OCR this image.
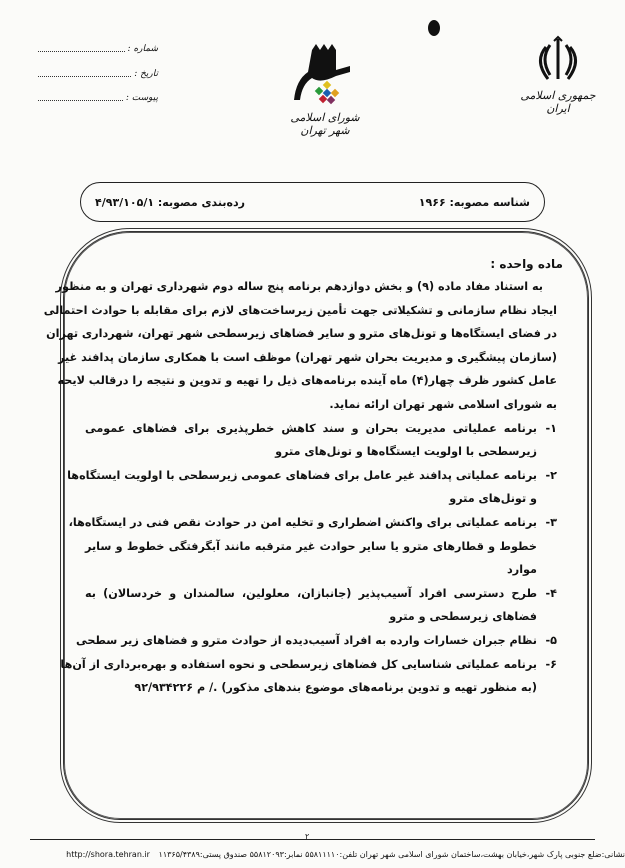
شماره :
تاریخ :
پیوست :
شورای اسلامی شهر تهران
جمهوری اسلامی ایران
شناسه مصوبه: ۱۹۶۶
رده‌بندی مصوبه: ۴/۹۳/۱۰۵/۱
ماده واحده :
به استناد مفاد ماده (۹) و بخش دوازدهم برنامه پنج ساله دوم شهرداری تهران و به منظور
ایجاد نظام سازمانی و تشکیلاتی جهت تأمین زیرساخت‌های لازم برای مقابله با حوادث احتمالی
در فضای ایستگاه‌ها و تونل‌های مترو و سایر فضاهای زیرسطحی شهر تهران، شهرداری تهران
(سازمان پیشگیری و مدیریت بحران شهر تهران) موظف است با همکاری سازمان پدافند غیر
عامل کشور ظرف چهار(۴) ماه آینده برنامه‌های ذیل را تهیه و تدوین و نتیجه را درقالب لایحه
به شورای اسلامی شهر تهران ارائه نماید.
۱-
برنامه عملیاتی مدیریت بحران و سند کاهش خطرپذیری برای فضاهای عمومی
زیرسطحی با اولویت ایستگاه‌ها و تونل‌های مترو
۲-
برنامه عملیاتی پدافند غیر عامل برای فضاهای عمومی زیرسطحی با اولویت ایستگاه‌ها
و تونل‌های مترو
۳-
برنامه عملیاتی برای واکنش اضطراری و تخلیه امن در حوادث نقص فنی در ایستگاه‌ها،
خطوط و قطارهای مترو یا سایر حوادث غیر مترقبه مانند آبگرفتگی خطوط و سایر
موارد
۴-
طرح دسترسی افراد آسیب‌پذیر (جانبازان، معلولین، سالمندان و خردسالان) به
فضاهای زیرسطحی و مترو
۵-
نظام جبران خسارات وارده به افراد آسیب‌دیده از حوادث مترو و فضاهای زیر سطحی
۶-
برنامه عملیاتی شناسایی کل فضاهای زیرسطحی و نحوه استفاده و بهره‌برداری از آن‌ها
(به منظور تهیه و تدوین برنامه‌های موضوع بندهای مذکور) ./ م ۹۲/۹۳۴۲۲۶
۲
نشانی:ضلع جنوبی پارک شهر،خیابان بهشت،ساختمان شورای اسلامی شهر تهران تلفن:۵۵۸۱۱۱۱۰ نمابر:۵۵۸۱۲۰۹۳ صندوق پستی:۱۱۳۶۵/۴۳۸۹ http://shora.tehran.ir
